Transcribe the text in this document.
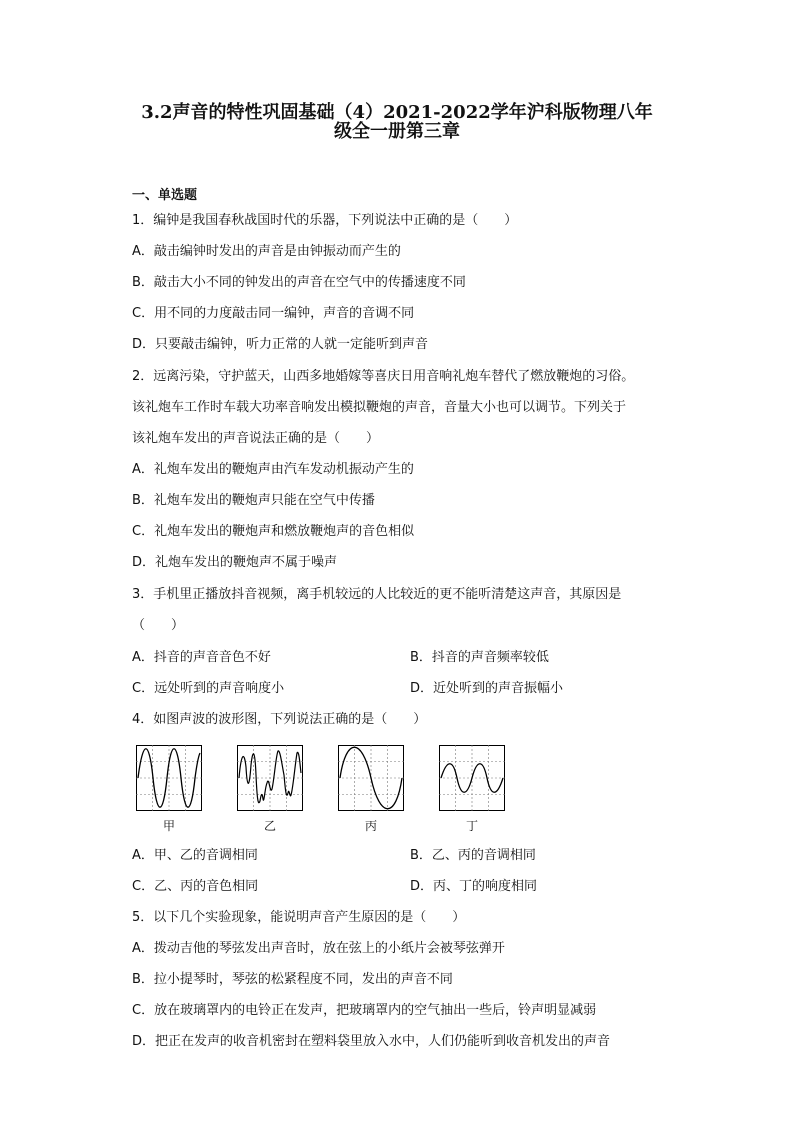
3.2声音的特性巩固基础（4）2021-2022学年沪科版物理八年
级全一册第三章
一、单选题
1．编钟是我国春秋战国时代的乐器，下列说法中正确的是（　　）
A．敲击编钟时发出的声音是由钟振动而产生的
B．敲击大小不同的钟发出的声音在空气中的传播速度不同
C．用不同的力度敲击同一编钟，声音的音调不同
D．只要敲击编钟，听力正常的人就一定能听到声音
2．远离污染，守护蓝天，山西多地婚嫁等喜庆日用音响礼炮车替代了燃放鞭炮的习俗。
该礼炮车工作时车载大功率音响发出模拟鞭炮的声音，音量大小也可以调节。下列关于
该礼炮车发出的声音说法正确的是（　　）
A．礼炮车发出的鞭炮声由汽车发动机振动产生的
B．礼炮车发出的鞭炮声只能在空气中传播
C．礼炮车发出的鞭炮声和燃放鞭炮声的音色相似
D．礼炮车发出的鞭炮声不属于噪声
3．手机里正播放抖音视频，离手机较远的人比较近的更不能听清楚这声音，其原因是
（　　）
A．抖音的声音音色不好	B．抖音的声音频率较低
C．远处听到的声音响度小	D．近处听到的声音振幅小
4．如图声波的波形图，下列说法正确的是（　　）
甲	乙	丙	丁
A．甲、乙的音调相同	B．乙、丙的音调相同
C．乙、丙的音色相同	D．丙、丁的响度相同
5．以下几个实验现象，能说明声音产生原因的是（　　）
A．拨动吉他的琴弦发出声音时，放在弦上的小纸片会被琴弦弹开
B．拉小提琴时，琴弦的松紧程度不同，发出的声音不同
C．放在玻璃罩内的电铃正在发声，把玻璃罩内的空气抽出一些后，铃声明显减弱
D．把正在发声的收音机密封在塑料袋里放入水中，人们仍能听到收音机发出的声音
